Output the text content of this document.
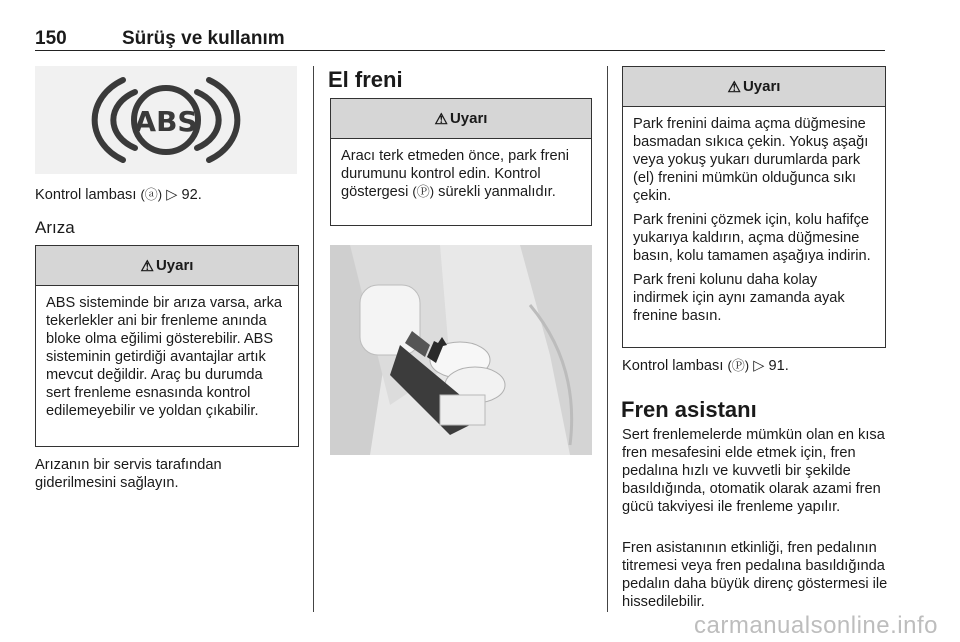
150	Sürüş ve kullanım
ABS
Kontrol lambası (ⓐ) ▷ 92.
Arıza
⚠ Uyarı

ABS sisteminde bir arıza varsa, arka tekerlekler ani bir frenleme anında bloke olma eğilimi gösterebilir. ABS sisteminin getirdiği avantajlar artık mevcut değildir. Araç bu durumda sert frenleme esnasında kontrol edilemeyebilir ve yoldan çıkabilir.

Arızanın bir servis tarafından giderilmesini sağlayın.
El freni
⚠ Uyarı

Aracı terk etmeden önce, park freni durumunu kontrol edin. Kontrol göstergesi (Ⓟ) sürekli yanmalıdır.

⚠ Uyarı

Park frenini daima açma düğmesine basmadan sıkıca çekin. Yokuş aşağı veya yokuş yukarı durumlarda park (el) frenini mümkün olduğunca sıkı çekin.

Park frenini çözmek için, kolu hafifçe yukarıya kaldırın, açma düğmesine basın, kolu tamamen aşağıya indirin.

Park freni kolunu daha kolay indirmek için aynı zamanda ayak frenine basın.

Kontrol lambası (Ⓟ) ▷ 91.
Fren asistanı
Sert frenlemelerde mümkün olan en kısa fren mesafesini elde etmek için, fren pedalına hızlı ve kuvvetli bir şekilde basıldığında, otomatik olarak azami fren gücü takviyesi ile frenleme yapılır.
Fren asistanının etkinliği, fren pedalının titremesi veya fren pedalına basıldığında pedalın daha büyük direnç göstermesi ile hissedilebilir.
carmanualsonline.info
